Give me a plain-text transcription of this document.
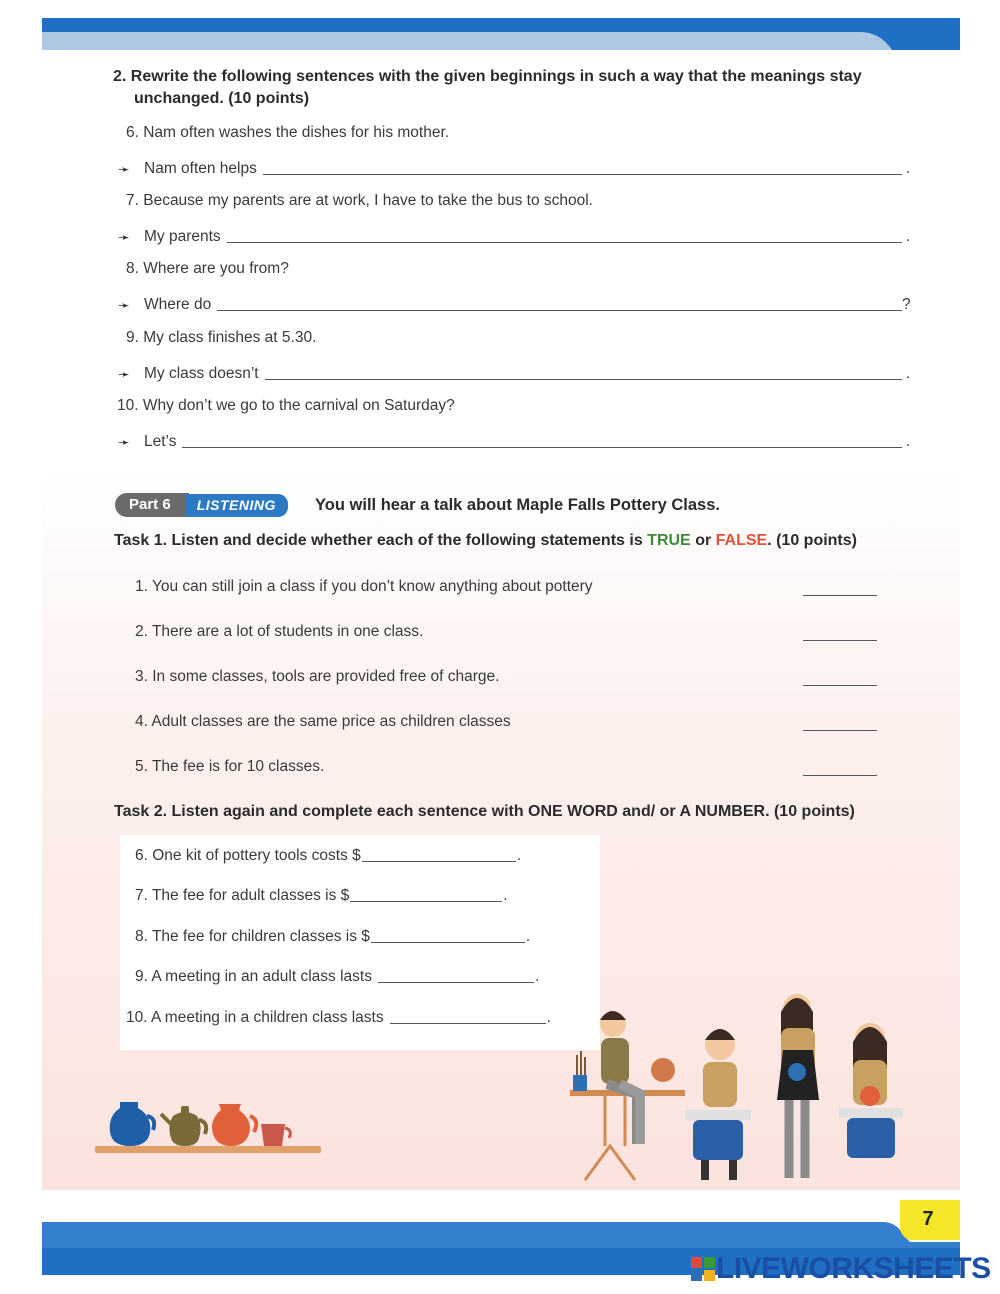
2. Rewrite the following sentences with the given beginnings in such a way that the meanings stay
unchanged. (10 points)
6. Nam often washes the dishes for his mother.
➛ Nam often helps	.
7. Because my parents are at work, I have to take the bus to school.
➛ My parents	.
8. Where are you from?
➛ Where do	?
9. My class finishes at 5.30.
➛ My class doesn’t	.
10. Why don’t we go to the carnival on Saturday?
➛ Let’s	.
Part 6	LISTENING	You will hear a talk about Maple Falls Pottery Class.
Task 1. Listen and decide whether each of the following statements is TRUE or FALSE. (10 points)
1. You can still join a class if you don’t know anything about pottery
2. There are a lot of students in one class.
3. In some classes, tools are provided free of charge.
4. Adult classes are the same price as children classes
5. The fee is for 10 classes.
Task 2. Listen again and complete each sentence with ONE WORD and/ or A NUMBER. (10 points)
6. One kit of pottery tools costs $	.
7. The fee for adult classes is $	.
8. The fee for children classes is $	.
9. A meeting in an adult class lasts	.
10. A meeting in a children class lasts	.
7
LIVEWORKSHEETS
